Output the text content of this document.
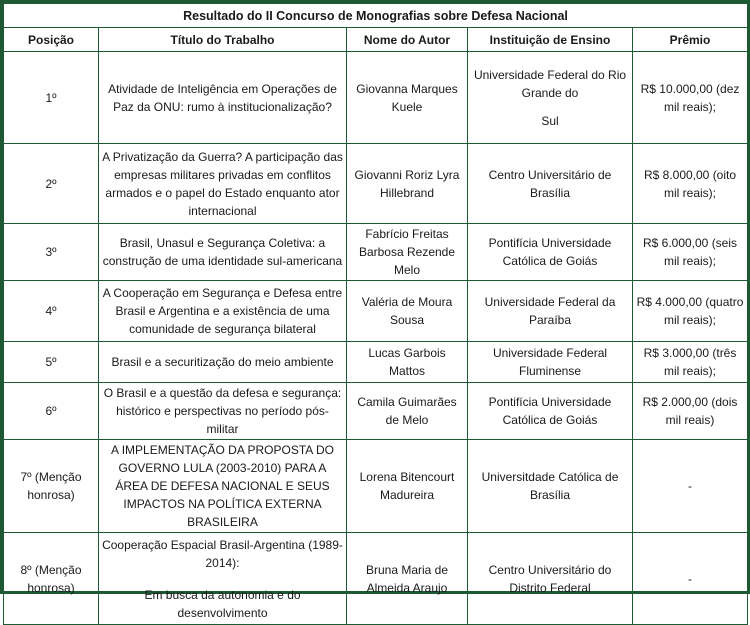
Resultado do II Concurso de Monografias sobre Defesa Nacional				
Posição	Título do Trabalho	Nome do Autor	Instituição de Ensino	Prêmio
1º	Atividade de Inteligência em Operações de Paz da ONU: rumo à institucionalização?	Giovanna Marques Kuele	Universidade Federal do Rio
Grande do
Sul	R$ 10.000,00 (dez mil reais);
2º	A Privatização da Guerra? A participação das empresas militares privadas em conflitos armados e o papel do Estado enquanto ator internacional	Giovanni Roriz Lyra Hillebrand	Centro Universitário de Brasília	R$ 8.000,00 (oito mil reais);
3º	Brasil, Unasul e Segurança Coletiva: a construção de uma identidade sul-americana	Fabrício Freitas Barbosa Rezende Melo	Pontifícia Universidade Católica de Goiás	R$ 6.000,00 (seis mil reais);
4º	A Cooperação em Segurança e Defesa entre Brasil e Argentina e a existência de uma comunidade de segurança bilateral	Valéria de Moura Sousa	Universidade Federal da Paraíba	R$ 4.000,00 (quatro mil reais);
5º	Brasil e a securitização do meio ambiente	Lucas Garbois Mattos	Universidade Federal Fluminense	R$ 3.000,00 (três mil reais);
6º	O Brasil e a questão da defesa e segurança: histórico e perspectivas no período pós-militar	Camila Guimarães de Melo	Pontifícia Universidade Católica de Goiás	R$ 2.000,00 (dois mil reais)
7º (Menção honrosa)	A IMPLEMENTAÇÃO DA PROPOSTA DO GOVERNO LULA (2003-2010) PARA A ÁREA DE DEFESA NACIONAL E SEUS IMPACTOS NA POLÍTICA EXTERNA BRASILEIRA	Lorena Bitencourt Madureira	Universitdade Católica de Brasília	-
8º (Menção honrosa)	Cooperação Espacial Brasil-Argentina (1989-2014):
Em busca da autonomia e do desenvolvimento	Bruna Maria de Almeida Araujo	Centro Universitário do Distrito Federal	-
